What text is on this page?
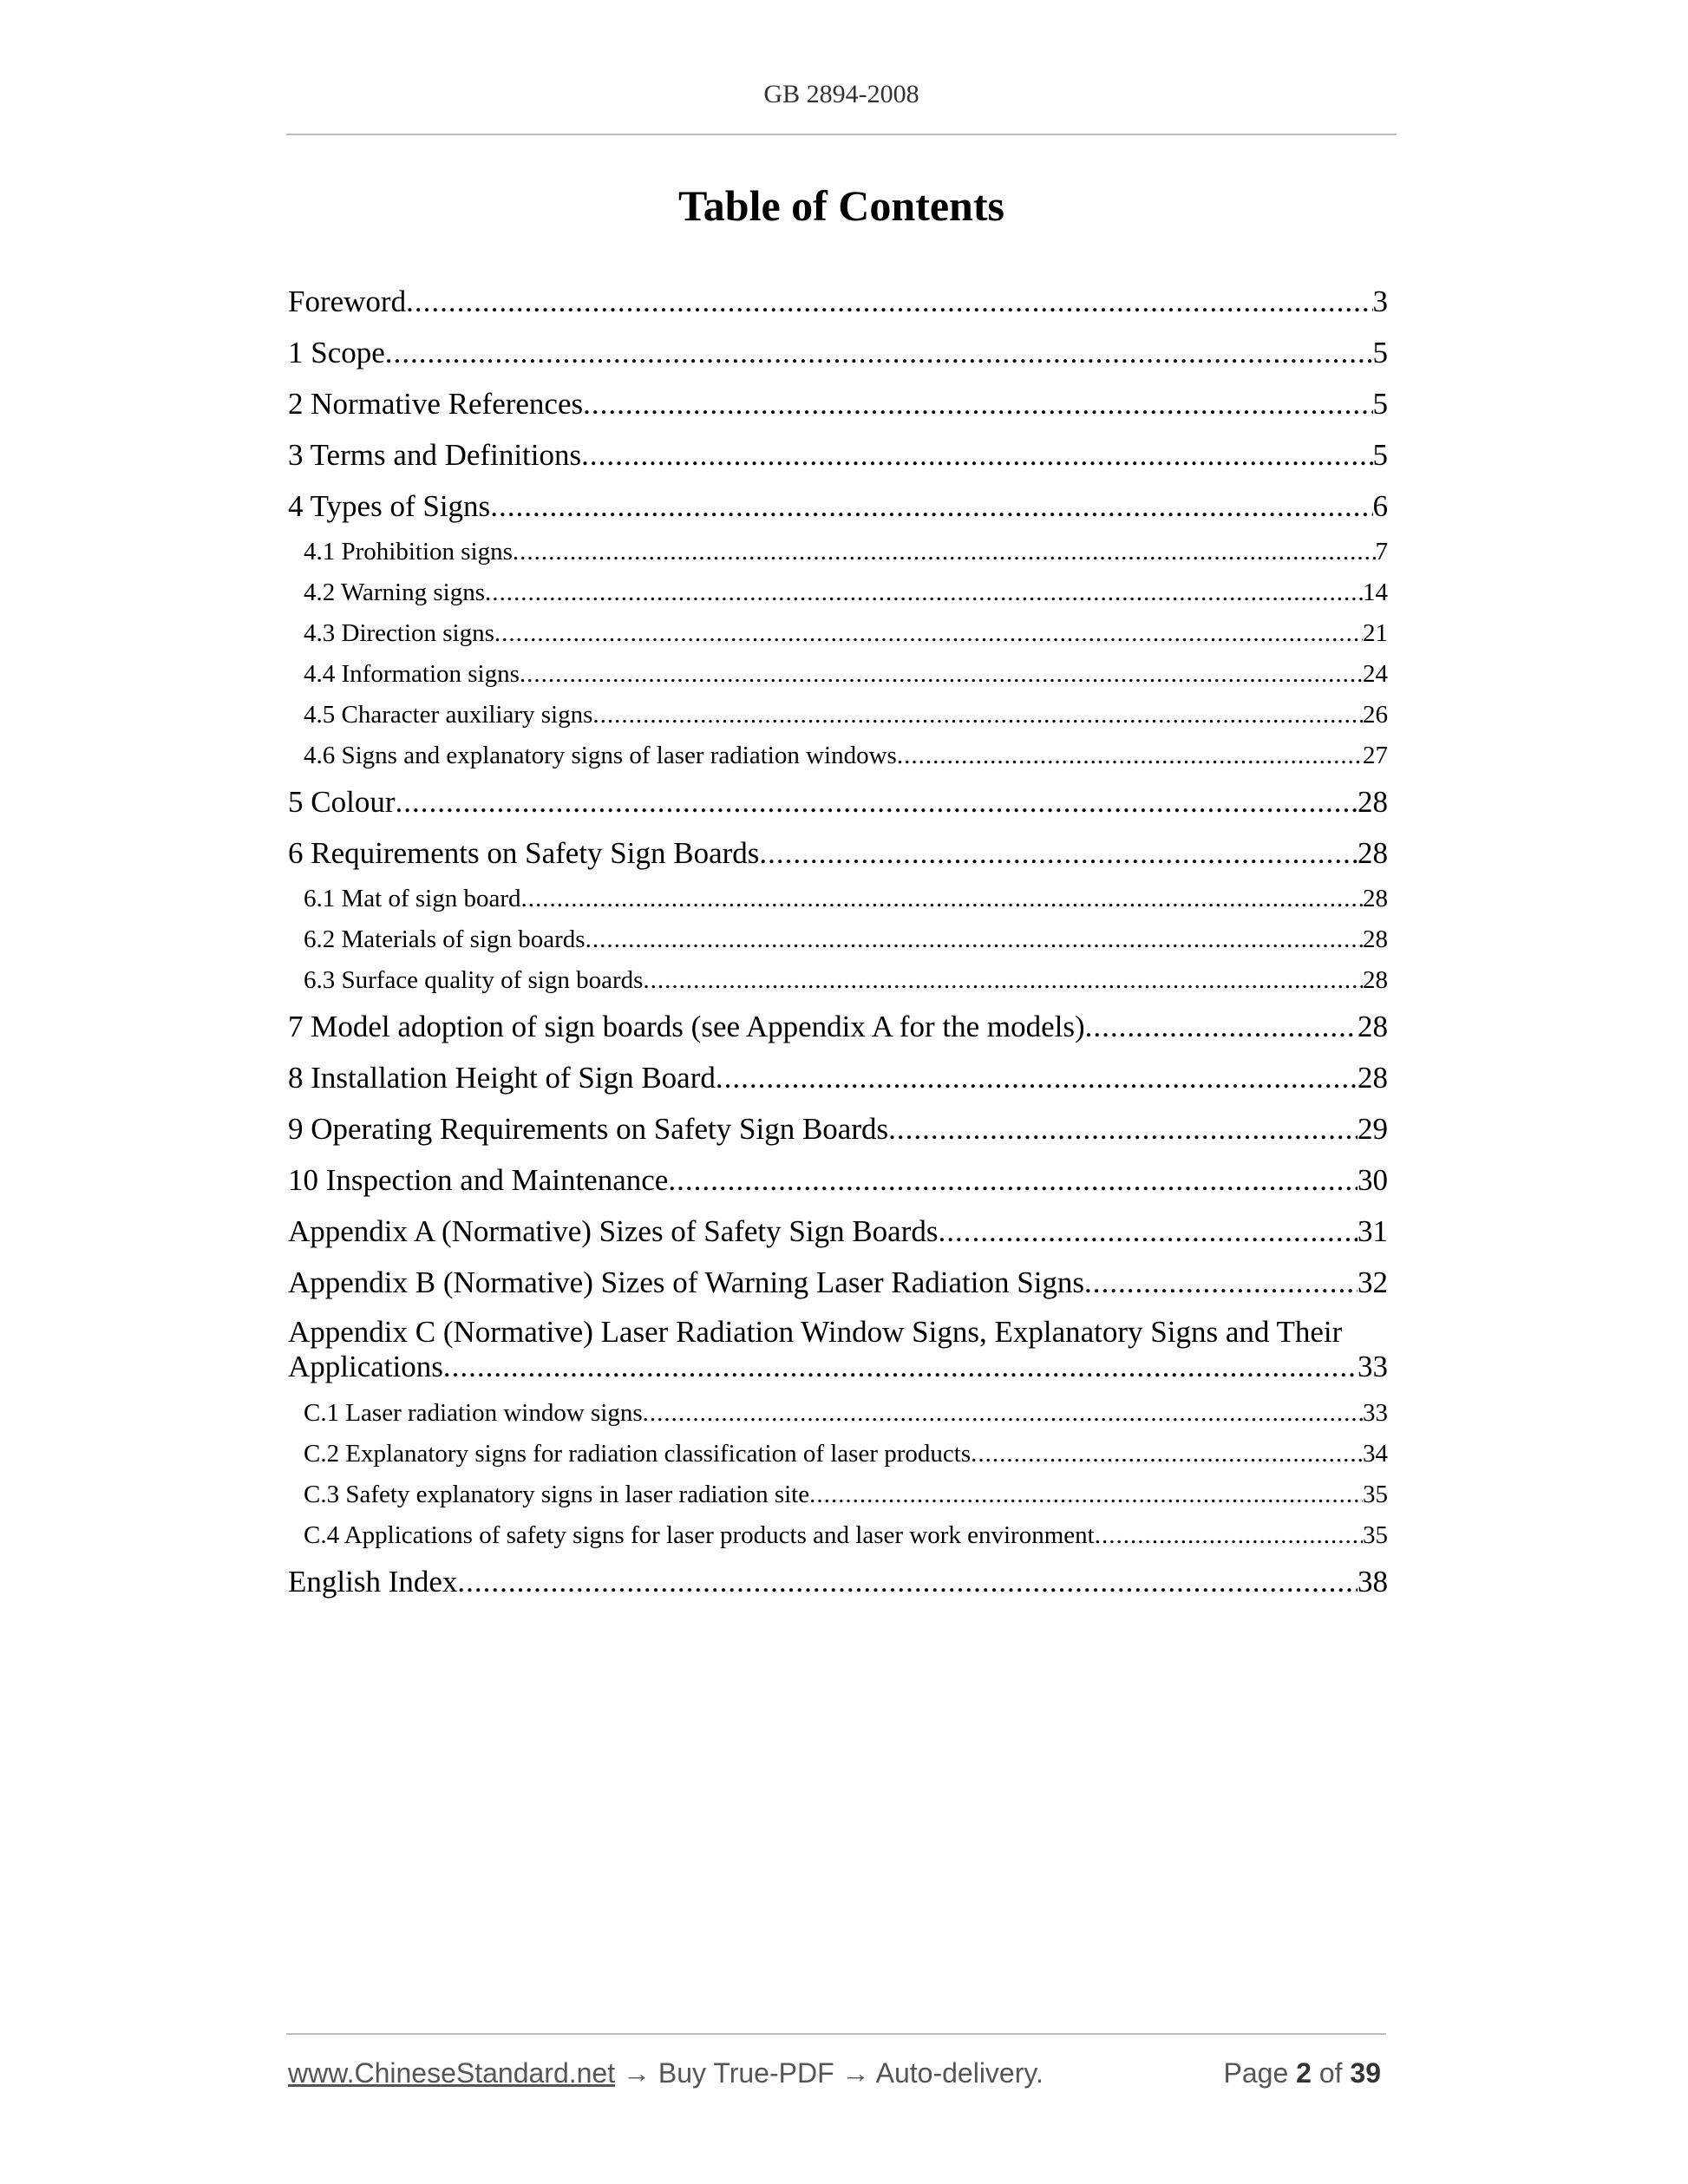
GB 2894-2008
Table of Contents
Foreword .....	3
1 Scope .....	5
2 Normative References .....	5
3 Terms and Definitions .....	5
4 Types of Signs .....	6
4.1 Prohibition signs .....	7
4.2 Warning signs .....	14
4.3 Direction signs .....	21
4.4 Information signs .....	24
4.5 Character auxiliary signs .....	26
4.6 Signs and explanatory signs of laser radiation windows .....	27
5 Colour .....	28
6 Requirements on Safety Sign Boards .....	28
6.1 Mat of sign board .....	28
6.2 Materials of sign boards .....	28
6.3 Surface quality of sign boards .....	28
7 Model adoption of sign boards (see Appendix A for the models) .....	28
8 Installation Height of Sign Board .....	28
9 Operating Requirements on Safety Sign Boards .....	29
10 Inspection and Maintenance .....	30
Appendix A (Normative) Sizes of Safety Sign Boards .....	31
Appendix B (Normative) Sizes of Warning Laser Radiation Signs .....	32
Appendix C (Normative) Laser Radiation Window Signs, Explanatory Signs and Their
Applications .....	33
C.1 Laser radiation window signs .....	33
C.2 Explanatory signs for radiation classification of laser products .....	34
C.3 Safety explanatory signs in laser radiation site .....	35
C.4 Applications of safety signs for laser products and laser work environment .....	35
English Index .....	38
www.ChineseStandard.net → Buy True-PDF → Auto-delivery.	Page 2 of 39
